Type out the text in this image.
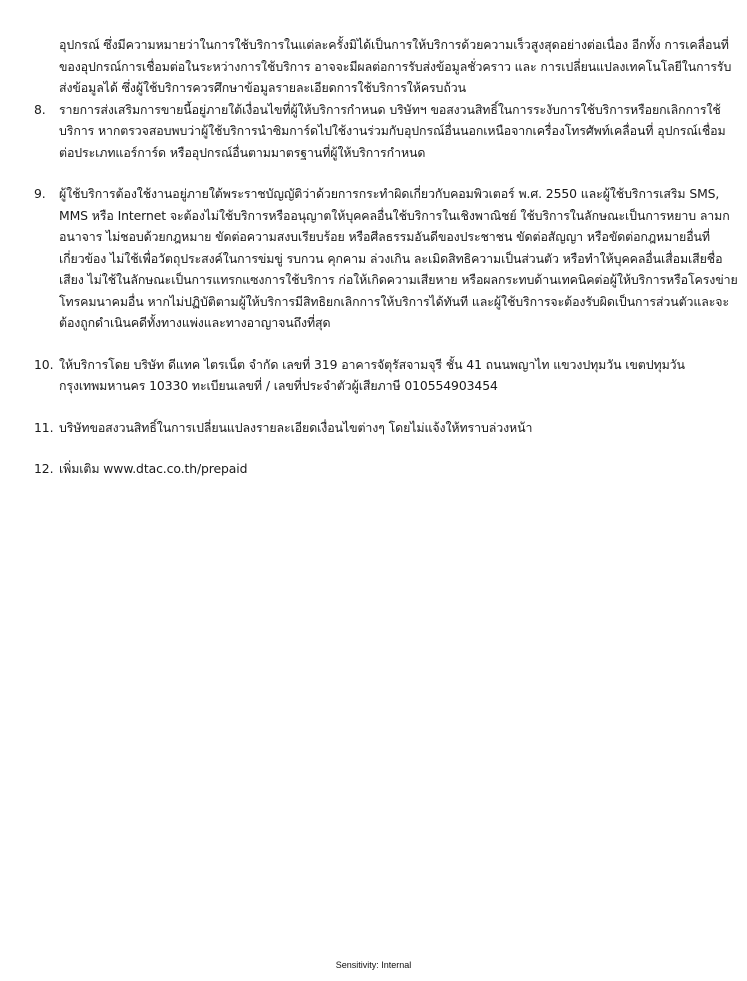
อุปกรณ์ ซึ่งมีความหมายว่าในการใช้บริการในแต่ละครั้งมิได้เป็นการให้บริการด้วยความเร็วสูงสุดอย่างต่อเนื่อง อีกทั้ง การเคลื่อนที่ของอุปกรณ์การเชื่อมต่อในระหว่างการใช้บริการ อาจจะมีผลต่อการรับส่งข้อมูลชั่วคราว และ การเปลี่ยนแปลงเทคโนโลยีในการรับส่งข้อมูลได้ ซึ่งผู้ใช้บริการควรศึกษาข้อมูลรายละเอียดการใช้บริการให้ครบถ้วน
8.	รายการส่งเสริมการขายนี้อยู่ภายใต้เงื่อนไขที่ผู้ให้บริการกำหนด บริษัทฯ ขอสงวนสิทธิ์ในการระงับการใช้บริการหรือยกเลิกการใช้บริการ หากตรวจสอบพบว่าผู้ใช้บริการนำซิมการ์ดไปใช้งานร่วมกับอุปกรณ์อื่นนอกเหนือจากเครื่องโทรศัพท์เคลื่อนที่ อุปกรณ์เชื่อมต่อประเภทแอร์การ์ด หรืออุปกรณ์อื่นตามมาตรฐานที่ผู้ให้บริการกำหนด
9.	ผู้ใช้บริการต้องใช้งานอยู่ภายใต้พระราชบัญญัติว่าด้วยการกระทำผิดเกี่ยวกับคอมพิวเตอร์ พ.ศ. 2550 และผู้ใช้บริการเสริม SMS, MMS หรือ Internet จะต้องไม่ใช้บริการหรืออนุญาตให้บุคคลอื่นใช้บริการในเชิงพาณิชย์ ใช้บริการในลักษณะเป็นการหยาบ ลามก อนาจาร ไม่ชอบด้วยกฎหมาย ขัดต่อความสงบเรียบร้อย หรือศีลธรรมอันดีของประชาชน ขัดต่อสัญญา หรือขัดต่อกฎหมายอื่นที่เกี่ยวข้อง ไม่ใช้เพื่อวัตถุประสงค์ในการข่มขู่ รบกวน คุกคาม ล่วงเกิน ละเมิดสิทธิความเป็นส่วนตัว หรือทำให้บุคคลอื่นเสื่อมเสียชื่อเสียง ไม่ใช้ในลักษณะเป็นการแทรกแซงการใช้บริการ ก่อให้เกิดความเสียหาย หรือผลกระทบด้านเทคนิคต่อผู้ให้บริการหรือโครงข่ายโทรคมนาคมอื่น หากไม่ปฏิบัติตามผู้ให้บริการมีสิทธิยกเลิกการให้บริการได้ทันที และผู้ใช้บริการจะต้องรับผิดเป็นการส่วนตัวและจะต้องถูกดำเนินคดีทั้งทางแพ่งและทางอาญาจนถึงที่สุด
10. ให้บริการโดย บริษัท ดีแทค ไตรเน็ต จำกัด เลขที่ 319 อาคารจัตุรัสจามจุรี ชั้น 41 ถนนพญาไท แขวงปทุมวัน เขตปทุมวัน กรุงเทพมหานคร 10330 ทะเบียนเลขที่ / เลขที่ประจำตัวผู้เสียภาษี 010554903454
11. บริษัทขอสงวนสิทธิ์ในการเปลี่ยนแปลงรายละเอียดเงื่อนไขต่างๆ โดยไม่แจ้งให้ทราบล่วงหน้า
12. เพิ่มเติม www.dtac.co.th/prepaid
Sensitivity: Internal
